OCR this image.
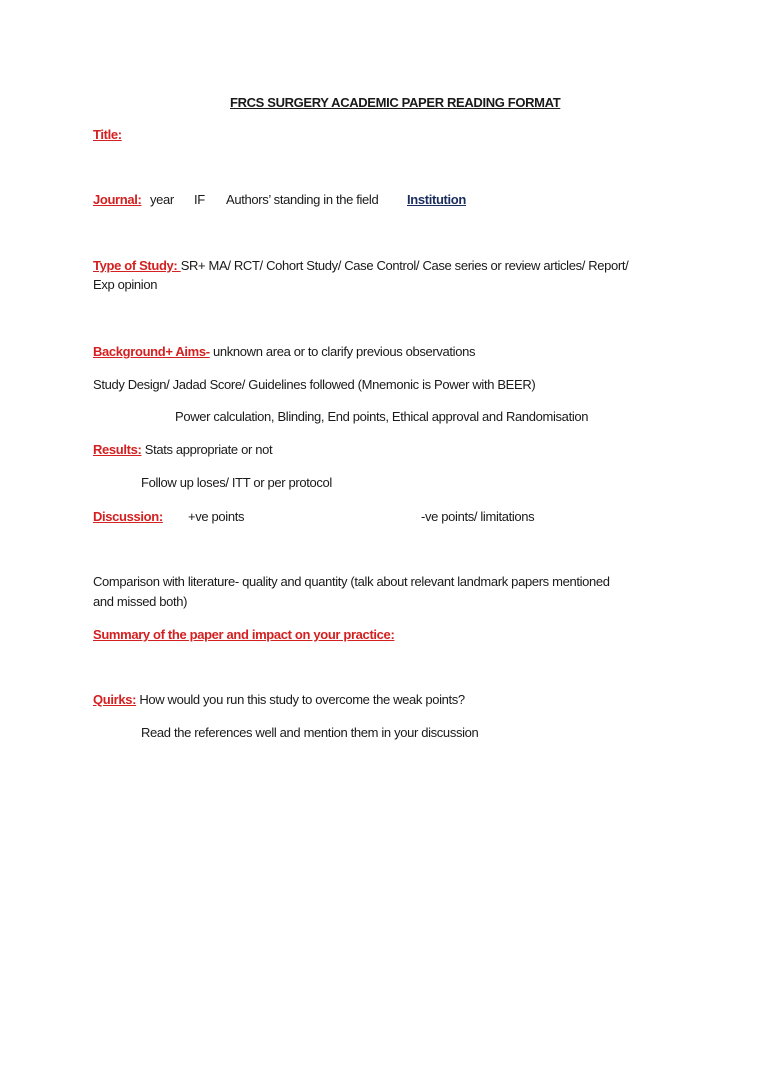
FRCS SURGERY ACADEMIC PAPER READING FORMAT
Title:
Journal: year IF Authors’ standing in the field Institution
Type of Study: SR+ MA/ RCT/ Cohort Study/ Case Control/ Case series or review articles/ Report/
Exp opinion
Background+ Aims- unknown area or to clarify previous observations
Study Design/ Jadad Score/ Guidelines followed (Mnemonic is Power with BEER)
Power calculation, Blinding, End points, Ethical approval and Randomisation
Results: Stats appropriate or not
Follow up loses/ ITT or per protocol
Discussion: +ve points	-ve points/ limitations
Comparison with literature- quality and quantity (talk about relevant landmark papers mentioned
and missed both)
Summary of the paper and impact on your practice:
Quirks: How would you run this study to overcome the weak points?
Read the references well and mention them in your discussion
